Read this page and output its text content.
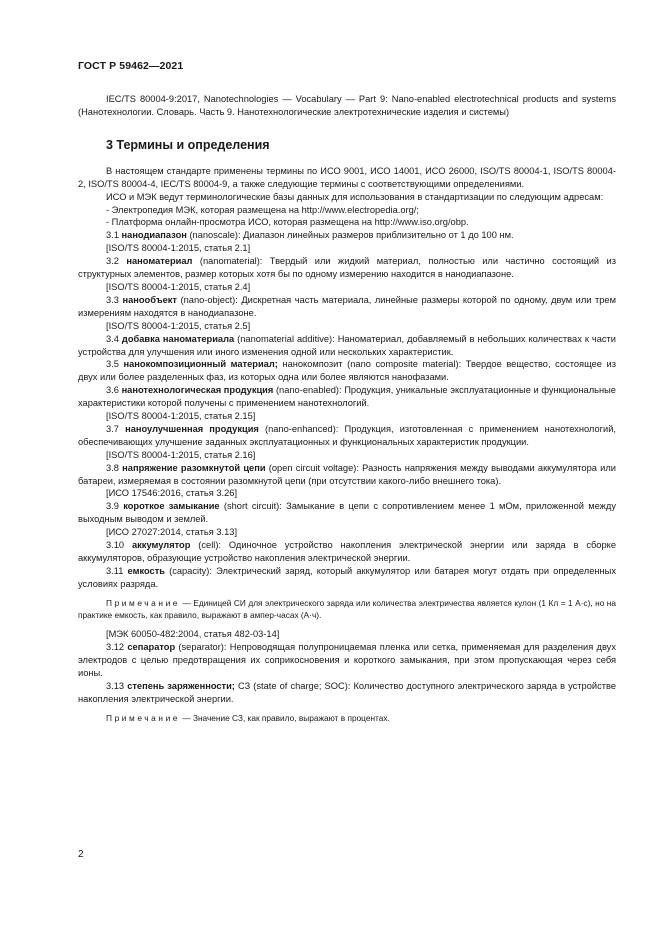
ГОСТ Р 59462—2021

IEC/TS 80004-9:2017, Nanotechnologies — Vocabulary — Part 9: Nano-enabled electrotechnical products and systems (Нанотехнологии. Словарь. Часть 9. Нанотехнологические электротехнические изделия и системы)

3 Термины и определения

В настоящем стандарте применены термины по ИСО 9001, ИСО 14001, ИСО 26000, ISO/TS 80004-1, ISO/TS 80004-2, ISO/TS 80004-4, IEC/TS 80004-9, а также следующие термины с соответствующими определениями.

ИСО и МЭК ведут терминологические базы данных для использования в стандартизации по следующим адресам:

- Электропедия МЭК, которая размещена на http://www.electropedia.org/;

- Платформа онлайн-просмотра ИСО, которая размещена на http://www.iso.org/obp.

3.1 нанодиапазон (nanoscale): Диапазон линейных размеров приблизительно от 1 до 100 нм.

[ISO/TS 80004-1:2015, статья 2.1]

3.2 наноматериал (nanomaterial): Твердый или жидкий материал, полностью или частично состоящий из структурных элементов, размер которых хотя бы по одному измерению находится в нанодиапазоне.

[ISO/TS 80004-1:2015, статья 2.4]

3.3 нанообъект (nano-object): Дискретная часть материала, линейные размеры которой по одному, двум или трем измерениям находятся в нанодиапазоне.

[ISO/TS 80004-1:2015, статья 2.5]

3.4 добавка наноматериала (nanomaterial additive): Наноматериал, добавляемый в небольших количествах к части устройства для улучшения или иного изменения одной или нескольких характеристик.

3.5 нанокомпозиционный материал; нанокомпозит (nano composite material): Твердое вещество, состоящее из двух или более разделенных фаз, из которых одна или более являются нанофазами.

3.6 нанотехнологическая продукция (nano-enabled): Продукция, уникальные эксплуатационные и функциональные характеристики которой получены с применением нанотехнологий.

[ISO/TS 80004-1:2015, статья 2.15]

3.7 наноулучшенная продукция (nano-enhanced): Продукция, изготовленная с применением нанотехнологий, обеспечивающих улучшение заданных эксплуатационных и функциональных характеристик продукции.

[ISO/TS 80004-1:2015, статья 2.16]

3.8 напряжение разомкнутой цепи (open circuit voltage): Разность напряжения между выводами аккумулятора или батареи, измеряемая в состоянии разомкнутой цепи (при отсутствии какого-либо внешнего тока).

[ИСО 17546:2016, статья 3.26]

3.9 короткое замыкание (short circuit): Замыкание в цепи с сопротивлением менее 1 мОм, приложенной между выходным выводом и землей.

[ИСО 27027:2014, статья 3.13]

3.10 аккумулятор (cell): Одиночное устройство накопления электрической энергии или заряда в сборке аккумуляторов, образующие устройство накопления электрической энергии.

3.11 емкость (capacity): Электрический заряд, который аккумулятор или батарея могут отдать при определенных условиях разряда.

Примечание — Единицей СИ для электрического заряда или количества электричества является кулон (1 Кл = 1 А·с), но на практике емкость, как правило, выражают в ампер-часах (А·ч).

[МЭК 60050-482:2004, статья 482-03-14]

3.12 сепаратор (separator): Непроводящая полупроницаемая пленка или сетка, применяемая для разделения двух электродов с целью предотвращения их соприкосновения и короткого замыкания, при этом пропускающая через себя ионы.

3.13 степень заряженности; СЗ (state of charge; SOC): Количество доступного электрического заряда в устройстве накопления электрической энергии.

Примечание — Значение СЗ, как правило, выражают в процентах.

2
